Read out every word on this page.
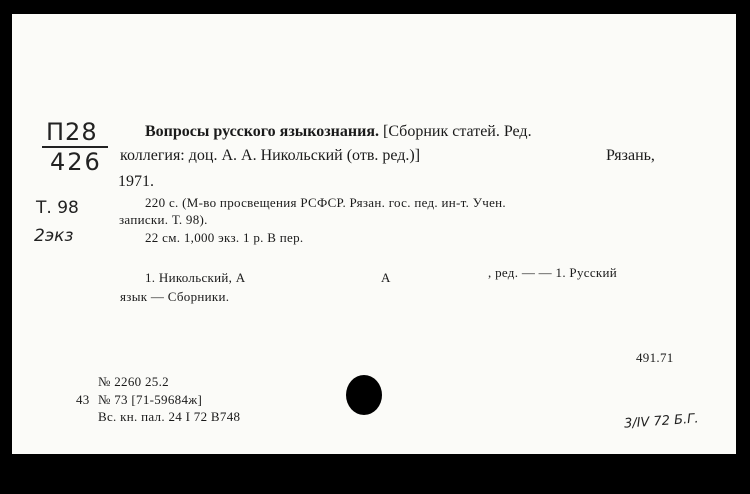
П28
426
Т. 98
2экз
Вопросы русского языкознания. [Сборник статей. Ред.
коллегия: доц. А. А. Никольский (отв. ред.)]	Рязань,
1971.
220 с. (М-во просвещения РСФСР. Рязан. гос. пед. ин-т. Учен.
записки. Т. 98).
22 см. 1,000 экз. 1 р. В пер.
1. Никольский, А	А	, ред. — — 1. Русский
язык — Сборники.
491.71
№ 2260 25.2
43 № 73 [71-59684ж]
Вс. кн. пал. 24 I 72 В748	3/IV 72 Б.Г.
